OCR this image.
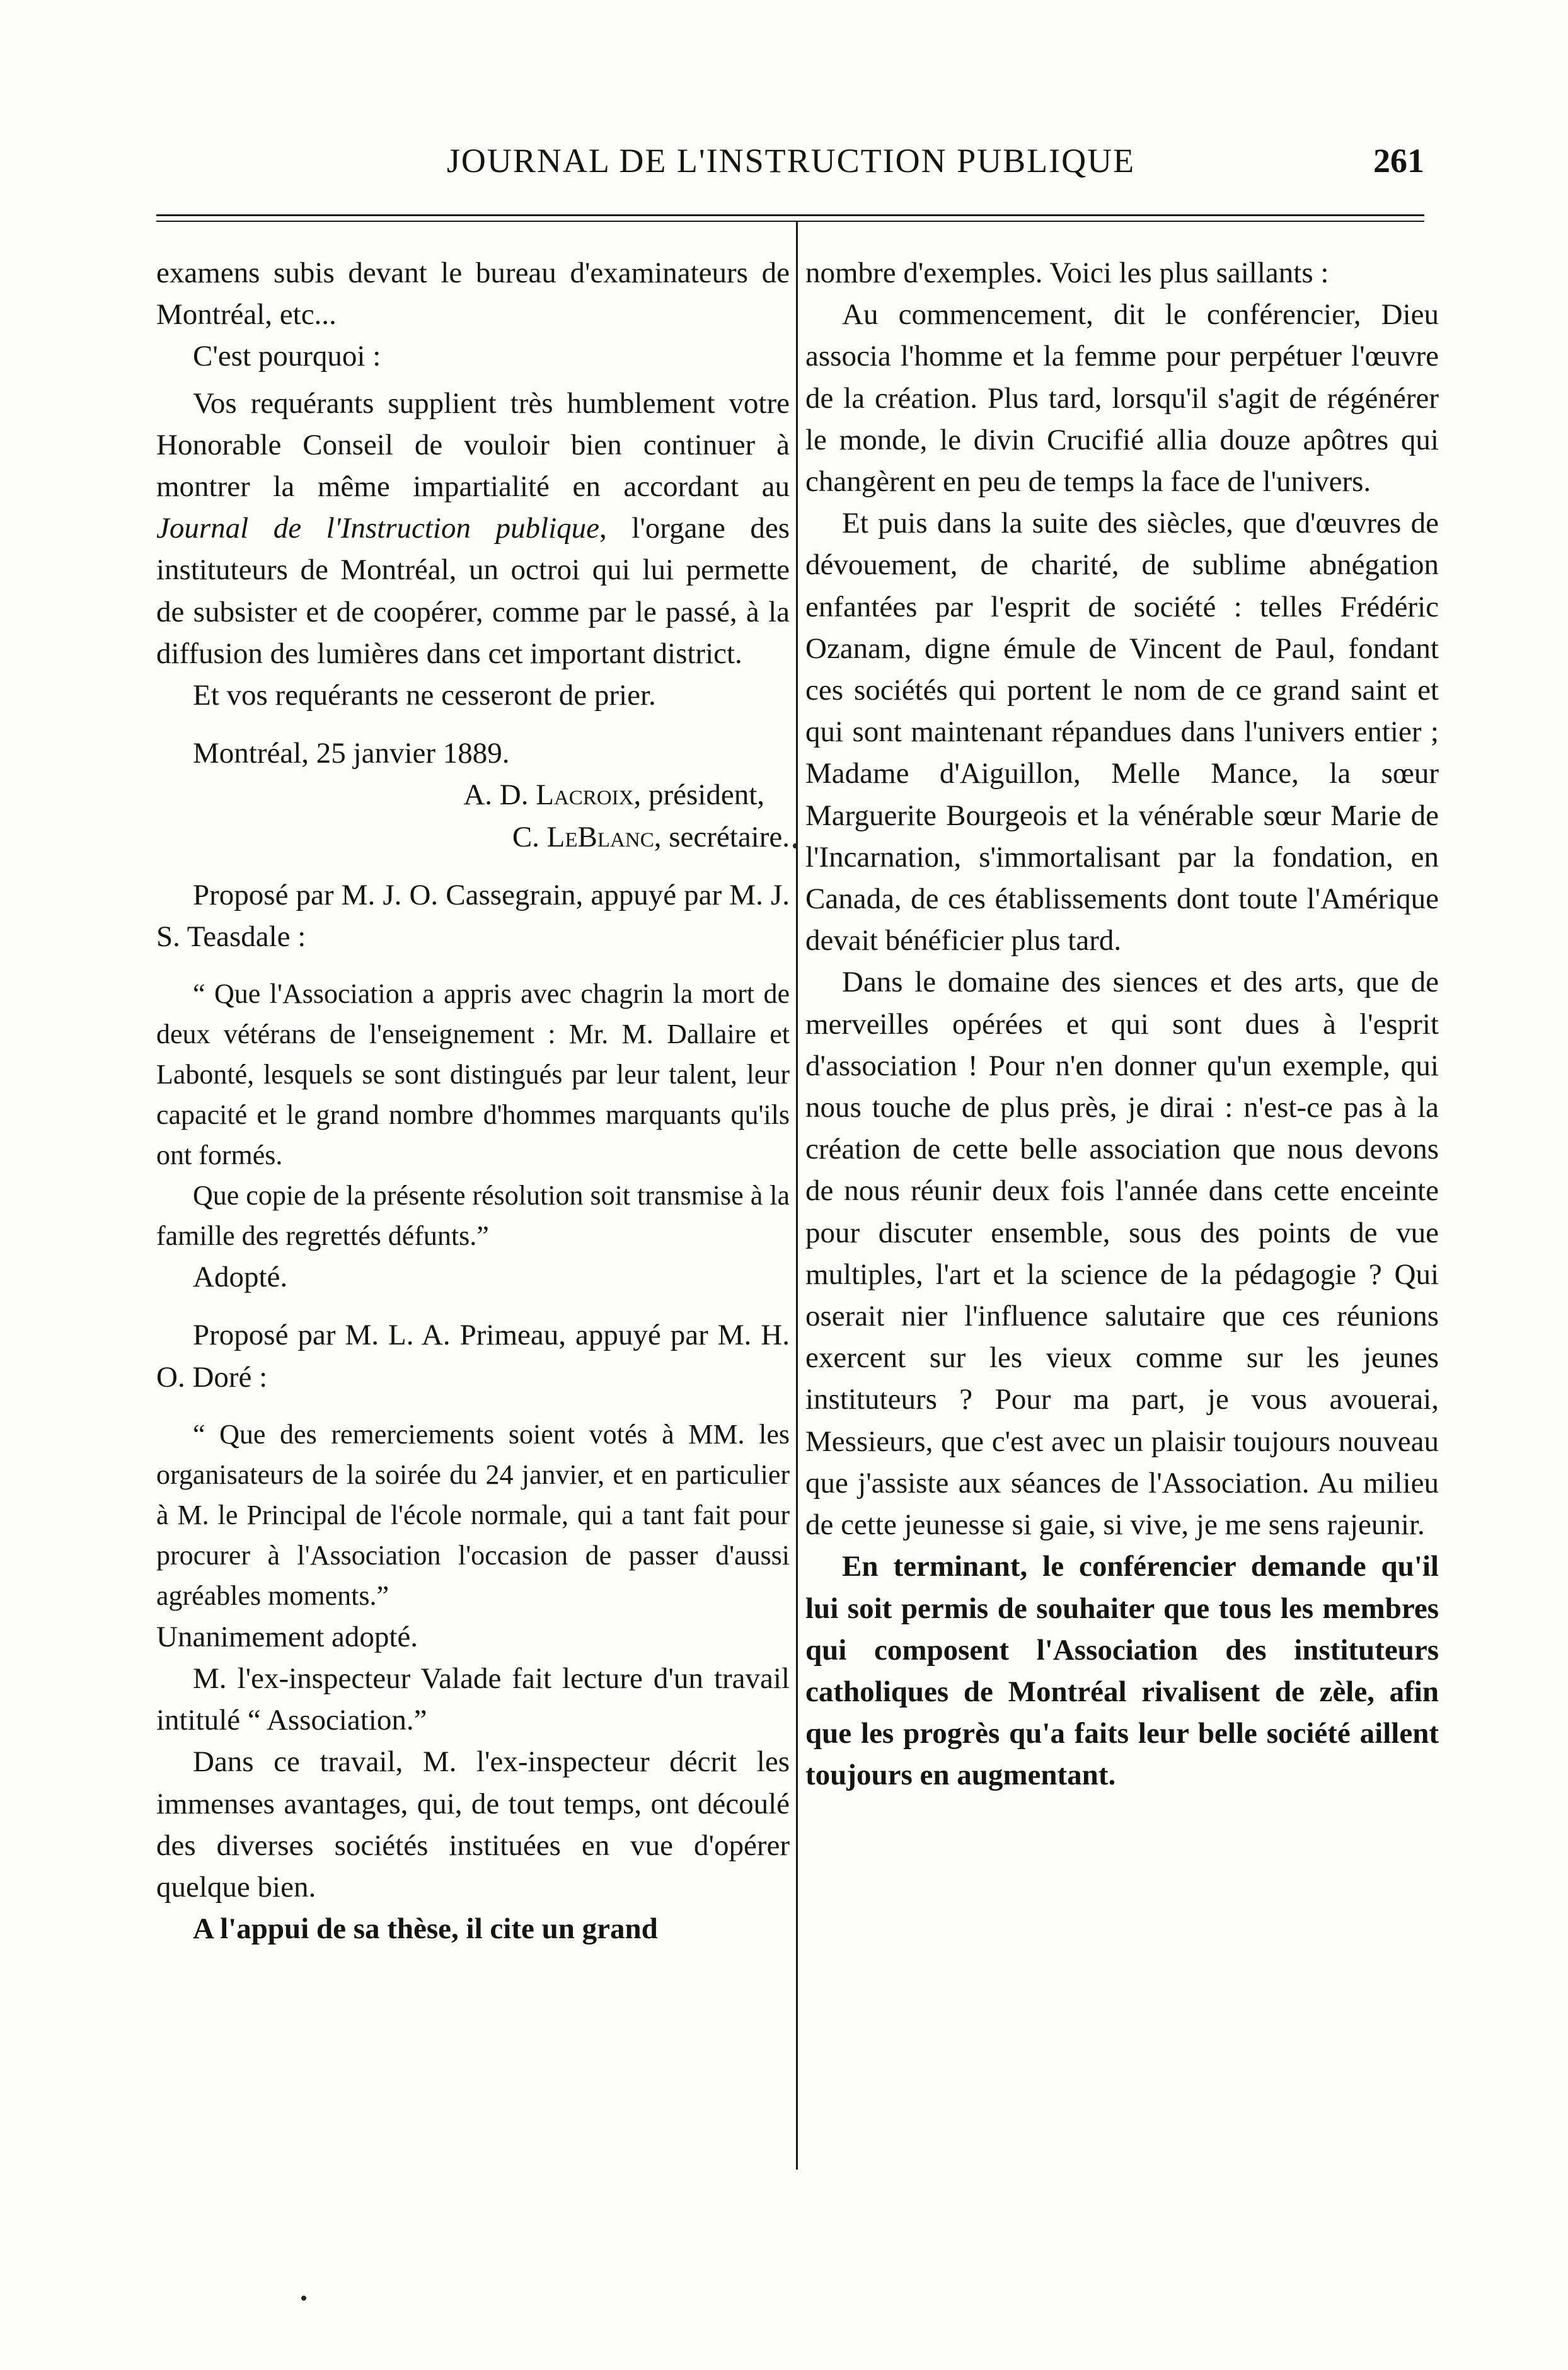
JOURNAL DE L'INSTRUCTION PUBLIQUE	261

examens subis devant le bureau d'examinateurs de Montréal, etc...

C'est pourquoi :

Vos requérants supplient très humblement votre Honorable Conseil de vouloir bien continuer à montrer la même impartialité en accordant au Journal de l'Instruction publique, l'organe des instituteurs de Montréal, un octroi qui lui permette de subsister et de coopérer, comme par le passé, à la diffusion des lumières dans cet important district.

Et vos requérants ne cesseront de prier.

Montréal, 25 janvier 1889.

A. D. Lacroix, président,

C. LeBlanc, secrétaire.

Proposé par M. J. O. Cassegrain, appuyé par M. J. S. Teasdale :

“ Que l'Association a appris avec chagrin la mort de deux vétérans de l'enseignement : Mr. M. Dallaire et Labonté, lesquels se sont distingués par leur talent, leur capacité et le grand nombre d'hommes marquants qu'ils ont formés.

Que copie de la présente résolution soit transmise à la famille des regrettés défunts.”

Adopté.

Proposé par M. L. A. Primeau, appuyé par M. H. O. Doré :

“ Que des remerciements soient votés à MM. les organisateurs de la soirée du 24 janvier, et en particulier à M. le Principal de l'école normale, qui a tant fait pour procurer à l'Association l'occasion de passer d'aussi agréables moments.”

Unanimement adopté.

M. l'ex-inspecteur Valade fait lecture d'un travail intitulé “ Association.”

Dans ce travail, M. l'ex-inspecteur décrit les immenses avantages, qui, de tout temps, ont découlé des diverses sociétés instituées en vue d'opérer quelque bien.

A l'appui de sa thèse, il cite un grand

nombre d'exemples. Voici les plus saillants :

Au commencement, dit le conférencier, Dieu associa l'homme et la femme pour perpétuer l'œuvre de la création. Plus tard, lorsqu'il s'agit de régénérer le monde, le divin Crucifié allia douze apôtres qui changèrent en peu de temps la face de l'univers.

Et puis dans la suite des siècles, que d'œuvres de dévouement, de charité, de sublime abnégation enfantées par l'esprit de société : telles Frédéric Ozanam, digne émule de Vincent de Paul, fondant ces sociétés qui portent le nom de ce grand saint et qui sont maintenant répandues dans l'univers entier ; Madame d'Aiguillon, Melle Mance, la sœur Marguerite Bourgeois et la vénérable sœur Marie de l'Incarnation, s'immortalisant par la fondation, en Canada, de ces établissements dont toute l'Amérique devait bénéficier plus tard.

Dans le domaine des siences et des arts, que de merveilles opérées et qui sont dues à l'esprit d'association ! Pour n'en donner qu'un exemple, qui nous touche de plus près, je dirai : n'est-ce pas à la création de cette belle association que nous devons de nous réunir deux fois l'année dans cette enceinte pour discuter ensemble, sous des points de vue multiples, l'art et la science de la pédagogie ? Qui oserait nier l'influence salutaire que ces réunions exercent sur les vieux comme sur les jeunes instituteurs ? Pour ma part, je vous avouerai, Messieurs, que c'est avec un plaisir toujours nouveau que j'assiste aux séances de l'Association. Au milieu de cette jeunesse si gaie, si vive, je me sens rajeunir.

En terminant, le conférencier demande qu'il lui soit permis de souhaiter que tous les membres qui composent l'Association des instituteurs catholiques de Montréal rivalisent de zèle, afin que les progrès qu'a faits leur belle société aillent toujours en augmentant.
